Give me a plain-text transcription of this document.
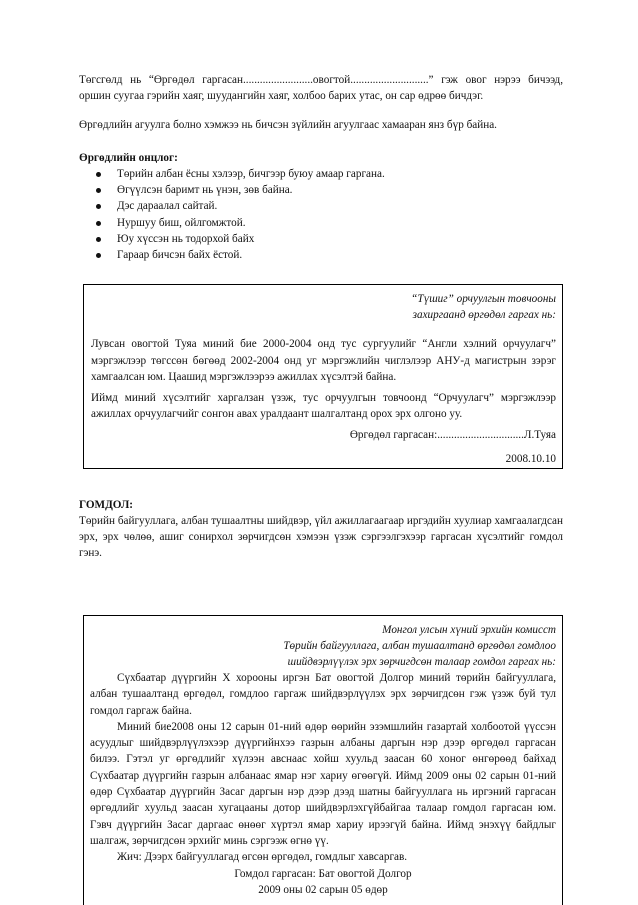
Төгсгөлд нь “Өргөдөл гаргасан.........................овогтой............................” гэж овог нэрээ бичээд, оршин суугаа гэрийн хаяг, шуудангийн хаяг, холбоо барих утас, он сар өдрөө бичдэг.

Өргөдлийн агуулга болно хэмжээ нь бичсэн зүйлийн агуулгаас хамааран янз бүр байна.

Өргөдлийн онцлог:

Төрийн албан ёсны хэлээр, бичгээр буюу амаар гаргана.
Өгүүлсэн баримт нь үнэн, зөв байна.
Дэс дараалал сайтай.
Нуршуу биш, ойлгомжтой.
Юу хүссэн нь тодорхой байх
Гараар бичсэн байх ёстой.

“Түшиг” орчуулгын товчооны

захиргаанд өргөдөл гаргах нь:

Лувсан овогтой Туяа миний бие 2000-2004 онд тус сургуулийг “Англи хэлний орчуулагч” мэргэжлээр төгссөн бөгөөд 2002-2004 онд уг мэргэжлийн чиглэлээр АНУ-д магистрын зэрэг хамгаалсан юм. Цаашид мэргэжлээрээ ажиллах хүсэлтэй байна.

Иймд миний хүсэлтийг харгалзан үзэж, тус орчуулгын товчоонд “Орчуулагч” мэргэжлээр ажиллах орчуулагчийг сонгон авах уралдаант шалгалтанд орох эрх олгоно уу.

Өргөдөл гаргасан:...............................Л.Туяа

2008.10.10

ГОМДОЛ:

Төрийн байгууллага, албан тушаалтны шийдвэр, үйл ажиллагаагаар иргэдийн хуулиар хамгаалагдсан эрх, эрх чөлөө, ашиг сонирхол зөрчигдсөн хэмээн үзэж сэргээлгэхээр гаргасан хүсэлтийг гомдол гэнэ.

Монгол улсын хүний эрхийн комисст

Төрийн байгууллага, албан тушаалтанд өргөдөл гомдлоо

шийдвэрлүүлэх эрх зөрчигдсөн талаар гомдол гаргах нь:

Сүхбаатар дүүргийн X хорооны иргэн Бат овогтой Долгор миний төрийн байгууллага, албан тушаалтанд өргөдөл, гомдлоо гаргаж шийдвэрлүүлэх эрх зөрчигдсөн гэж үзэж буй тул гомдол гаргаж байна.

Миний бие2008 оны 12 сарын 01-ний өдөр өөрийн эзэмшлийн газартай холбоотой үүссэн асуудлыг шийдвэрлүүлэхээр дүүргийнхээ газрын албаны даргын нэр дээр өргөдөл гаргасан билээ. Гэтэл уг өргөдлийг хүлээн авснаас хойш хуульд заасан 60 хоног өнгөрөөд байхад Сүхбаатар дүүргийн газрын албанаас ямар нэг хариу өгөөгүй. Иймд 2009 оны 02 сарын 01-ний өдөр Сүхбаатар дүүргийн Засаг даргын нэр дээр дээд шатны байгууллага нь иргэний гаргасан өргөдлийг хуульд заасан хугацааны дотор шийдвэрлэхгүйбайгаа талаар гомдол гаргасан юм. Гэвч дүүргийн Засаг даргаас өнөөг хүртэл ямар хариу ирээгүй байна. Иймд энэхүү байдлыг шалгаж, зөрчигдсөн эрхийг минь сэргээж өгнө үү.

Жич: Дээрх байгууллагад өгсөн өргөдөл, гомдлыг хавсаргав.

Гомдол гаргасан: Бат овогтой Долгор

2009 оны 02 сарын 05 өдөр
